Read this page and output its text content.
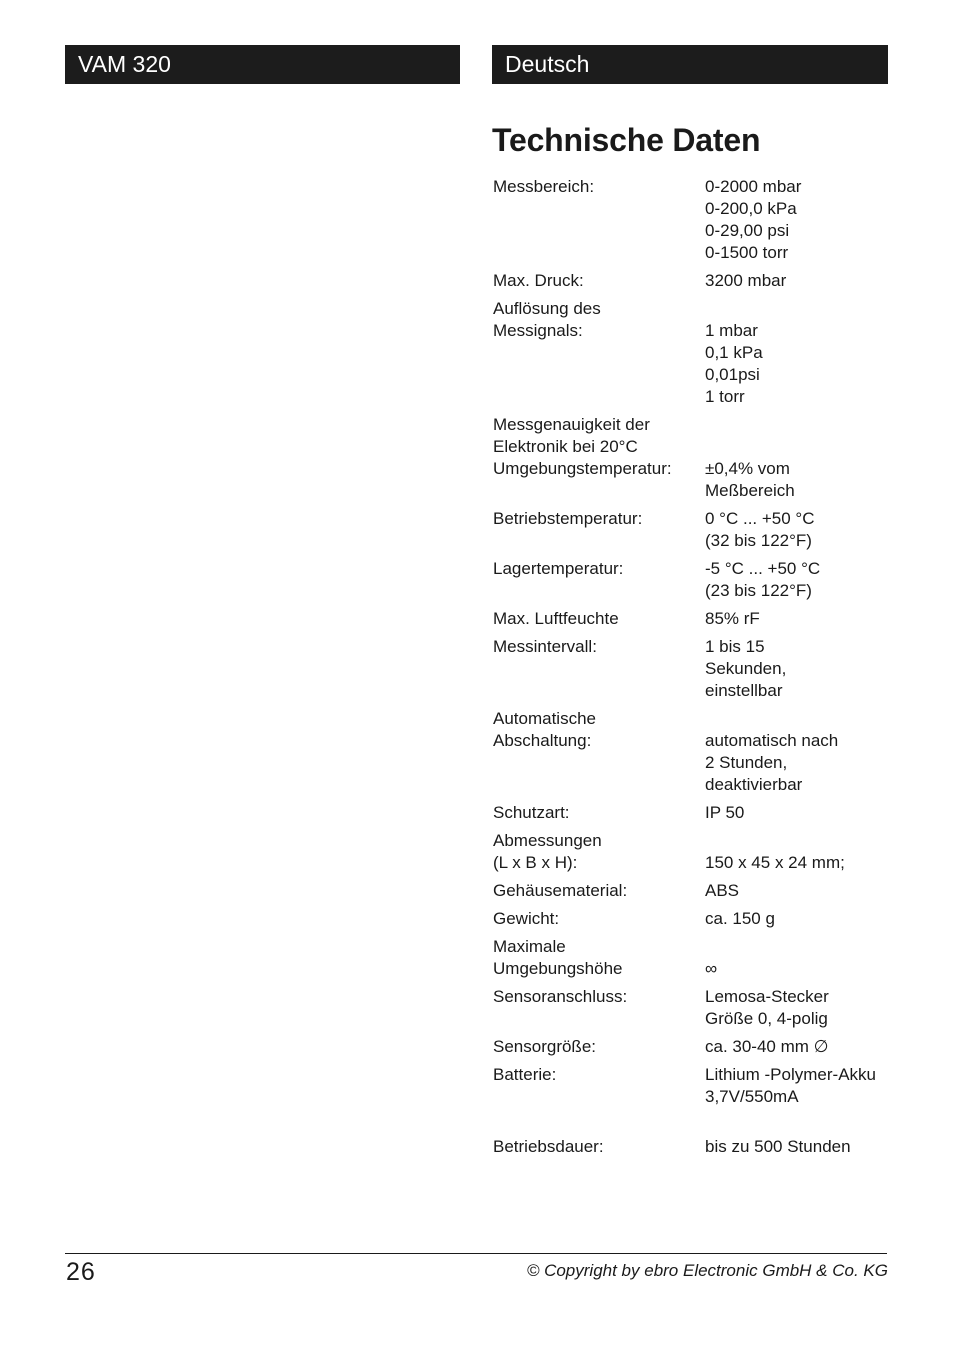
VAM 320	Deutsch
Technische Daten
Messbereich:	0-2000 mbar
0-200,0 kPa
0-29,00 psi
0-1500 torr
Max. Druck:	3200 mbar
Auflösung des
Messignals:
	1 mbar
0,1 kPa
0,01psi
1 torr
Messgenauigkeit der
Elektronik bei 20°C
Umgebungstemperatur:

	±0,4% vom
Meßbereich
Betriebstemperatur:	0 °C ... +50 °C
(32 bis 122°F)
Lagertemperatur:	-5 °C ... +50 °C
(23 bis 122°F)
Max. Luftfeuchte	85% rF
Messintervall:	1 bis 15
Sekunden,
einstellbar
Automatische
Abschaltung:
	automatisch nach
2 Stunden,
deaktivierbar
Schutzart:	IP 50
Abmessungen
(L x B x H):
	150 x 45 x 24 mm;
Gehäusematerial:	ABS
Gewicht:	ca. 150 g
Maximale
Umgebungshöhe
	∞
Sensoranschluss:	Lemosa-Stecker
Größe 0, 4-polig
Sensorgröße:	ca. 30-40 mm ∅
Batterie:	Lithium -Polymer-Akku
3,7V/550mA
Betriebsdauer:	bis zu 500 Stunden
26	© Copyright by ebro Electronic GmbH & Co. KG
